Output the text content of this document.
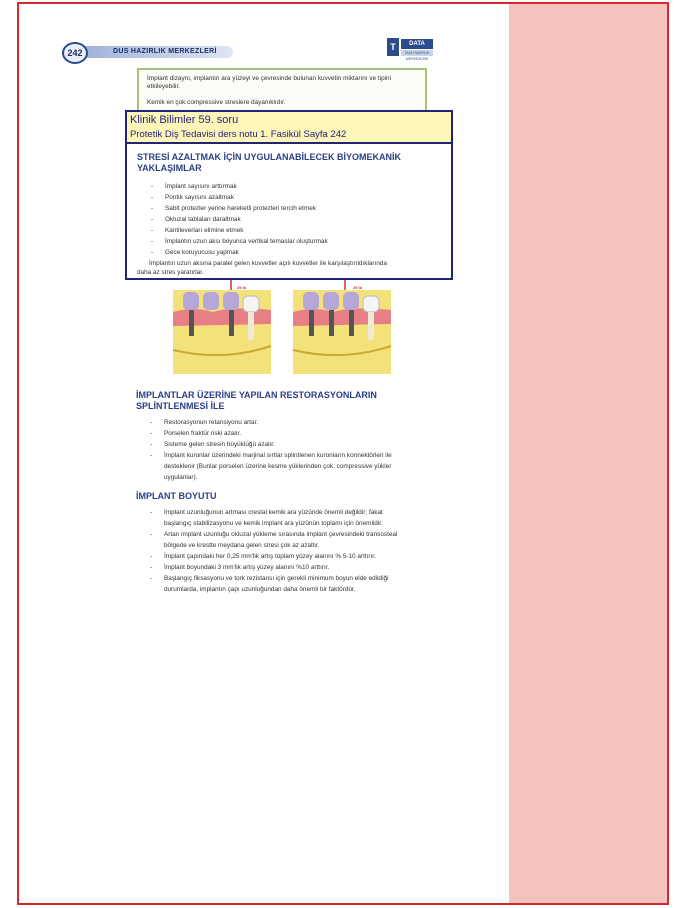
242	DUS HAZIRLIK MERKEZLERİ	T	DATA
DUS HAZIRLIK MERKEZLERİ
İmplant dizaynı, implantın ara yüzeyi ve çevresinde bulunan kuvvetin miktarını ve tipini
etkileyebilir.
Kemik en çok compressive streslere dayanıklıdır.
Klinik Bilimler 59. soru
Protetik Diş Tedavisi ders notu 1. Fasikül Sayfa 242
STRESİ AZALTMAK İÇİN UYGULANABİLECEK BİYOMEKANİK
YAKLAŞIMLAR
- İmplant sayısını arttırmak
- Pontik sayısını azaltmak
- Sabit protezler yerine hareketli protezleri tercih etmek
- Okluzal tablaları daraltmak
- Kantileverları elimine etmek
- İmplantın uzun aksı boyunca vertikal temaslar oluşturmak
- Gece koruyucusu yapmak
İmplantın uzun aksına paralel gelen kuvvetler açılı kuvvetler ile karşılaştırıldıklarında
daha az stres yaratırlar.
25 lb	25 lb
İMPLANTLAR ÜZERİNE YAPILAN RESTORASYONLARIN
SPLİNTLENMESİ İLE
- Restorasyonun retansiyonu artar.
- Porselen fraktür riski azalır.
- Sisteme gelen stresin büyüklüğü azalır.
- İmplant kuronlar üzerindeki marjinal sırtlar splintlenen kuronların konnektörleri ile
desteklenir (Bunlar porselen üzerine kesme yüklerinden çok, compressive yükler
uygulanlar).
İMPLANT BOYUTU
- İmplant uzunluğunun artması crestal kemik ara yüzünde önemli değildir; fakat
başlangıç stabilizasyonu ve kemik implant ara yüzünün toplamı için önemlidir.
- Artan implant uzunluğu okluzal yükleme sırasında implant çevresindeki transosteal
bölgede ve krestte meydana gelen stresi çok az azaltır.
- İmplant çapındaki her 0,25 mm'lik artış toplam yüzey alanını % 5-10 arttırır.
- İmplant boyundaki 3 mm'lik artış yüzey alanını %10 arttırır.
- Başlangıç fiksasyonu ve tork rezistansı için gerekli minimum boyun elde edildiği
durumlarda, implantın çapı uzunluğundan daha önemli bir faktördür.
